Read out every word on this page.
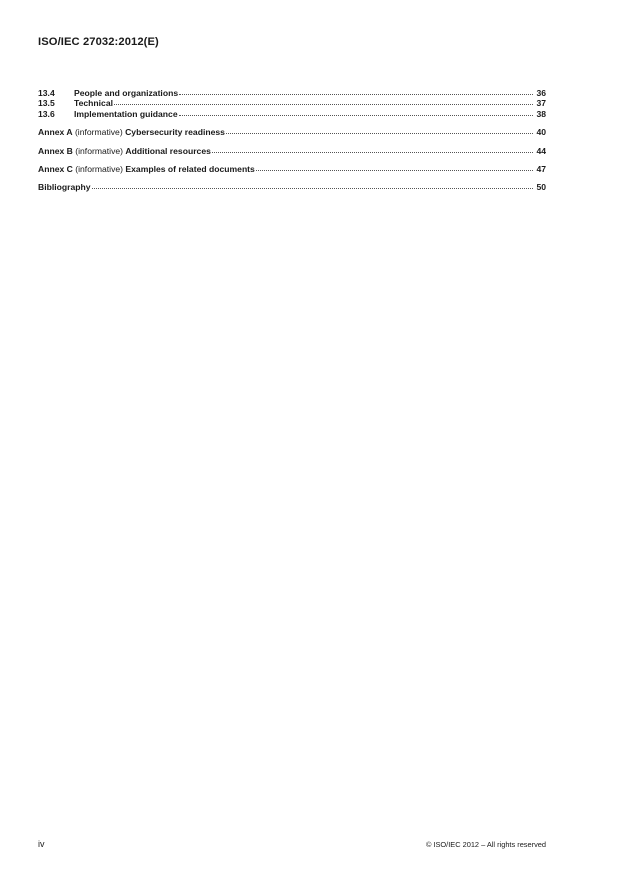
ISO/IEC 27032:2012(E)
13.4	People and organizations	36
13.5	Technical	37
13.6	Implementation guidance	38
Annex A (informative) Cybersecurity readiness	40
Annex B (informative) Additional resources	44
Annex C (informative) Examples of related documents	47
Bibliography	50
iv	© ISO/IEC 2012 – All rights reserved
